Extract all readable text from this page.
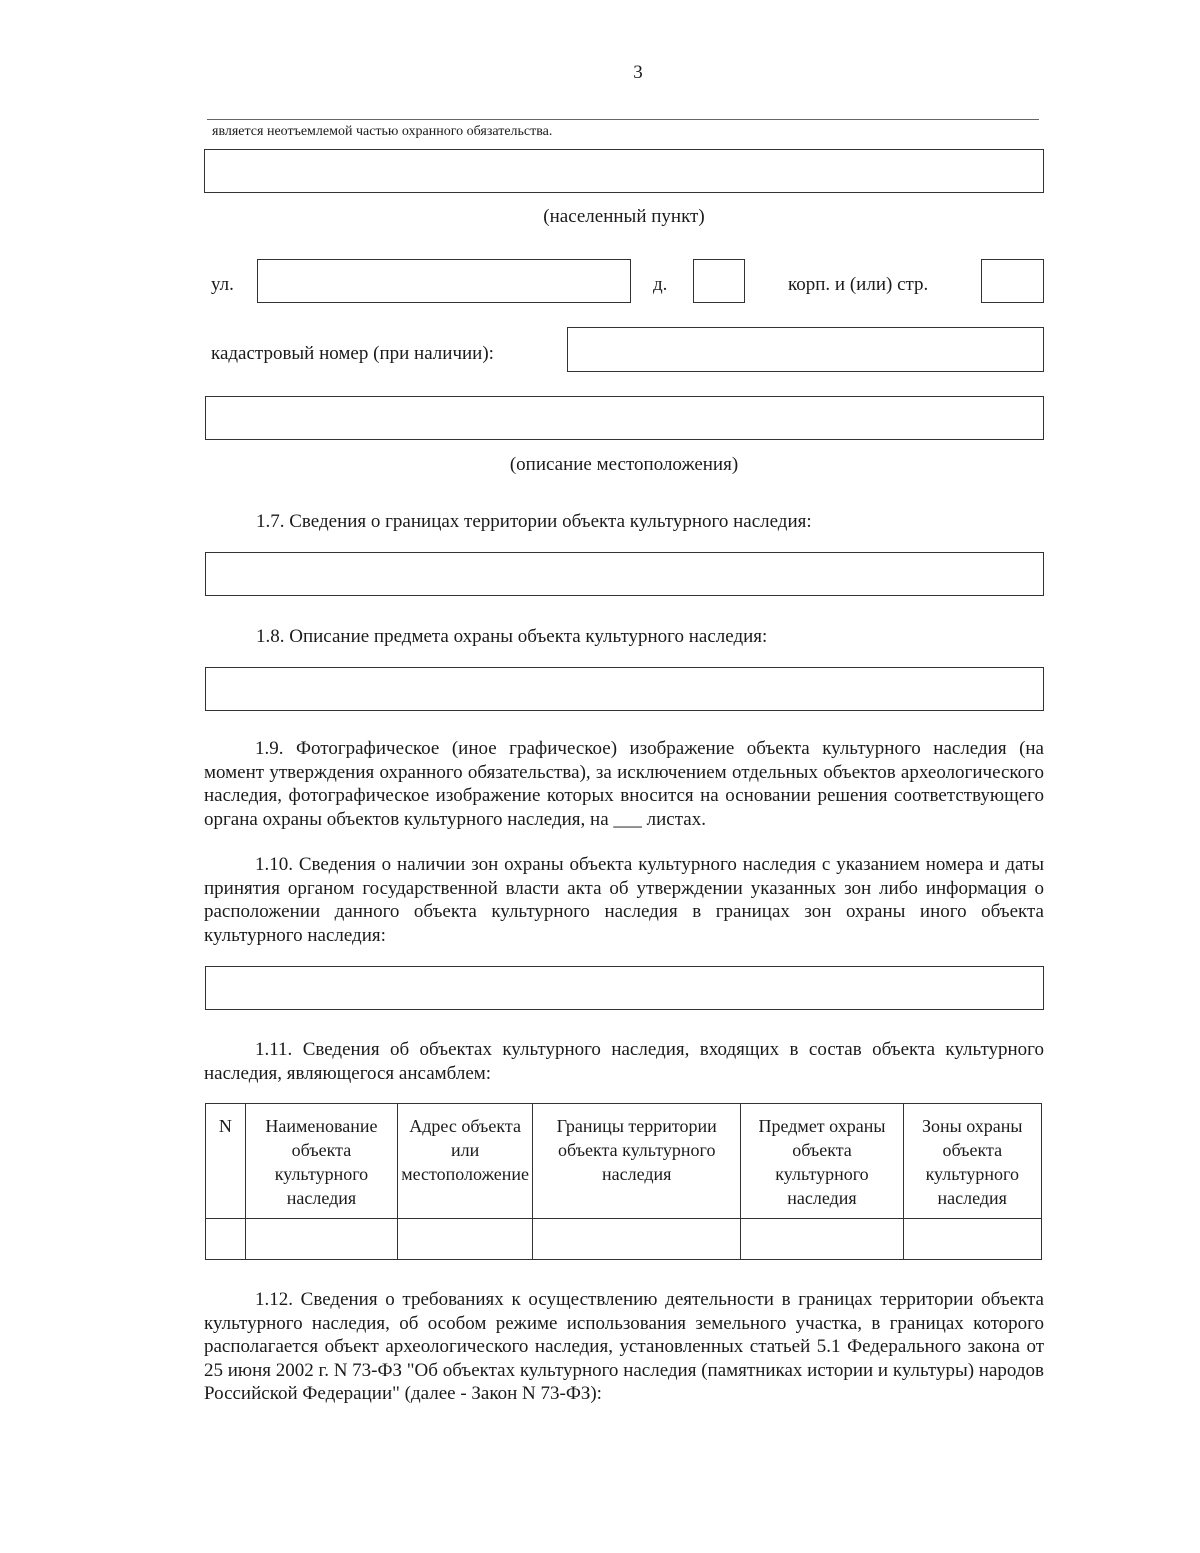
3
является неотъемлемой частью охранного обязательства.
(населенный пункт)
ул.	д.	корп. и (или) стр.
кадастровый номер (при наличии):
(описание местоположения)
1.7. Сведения о границах территории объекта культурного наследия:
1.8. Описание предмета охраны объекта культурного наследия:

1.9. Фотографическое (иное графическое) изображение объекта культурного наследия (на момент утверждения охранного обязательства), за исключением отдельных объектов археологического наследия, фотографическое изображение которых вносится на основании решения соответствующего органа охраны объектов культурного наследия, на ___ листах.

1.10. Сведения о наличии зон охраны объекта культурного наследия с указанием номера и даты принятия органом государственной власти акта об утверждении указанных зон либо информация о расположении данного объекта культурного наследия в границах зон охраны иного объекта культурного наследия:

1.11. Сведения об объектах культурного наследия, входящих в состав объекта культурного наследия, являющегося ансамблем:

N	Наименование объекта культурного наследия	Адрес объекта или местоположение	Границы территории объекта культурного наследия	Предмет охраны объекта культурного наследия	Зоны охраны объекта культурного наследия

1.12. Сведения о требованиях к осуществлению деятельности в границах территории объекта культурного наследия, об особом режиме использования земельного участка, в границах которого располагается объект археологического наследия, установленных статьей 5.1 Федерального закона от 25 июня 2002 г. N 73-ФЗ "Об объектах культурного наследия (памятниках истории и культуры) народов Российской Федерации" (далее - Закон N 73-ФЗ):
